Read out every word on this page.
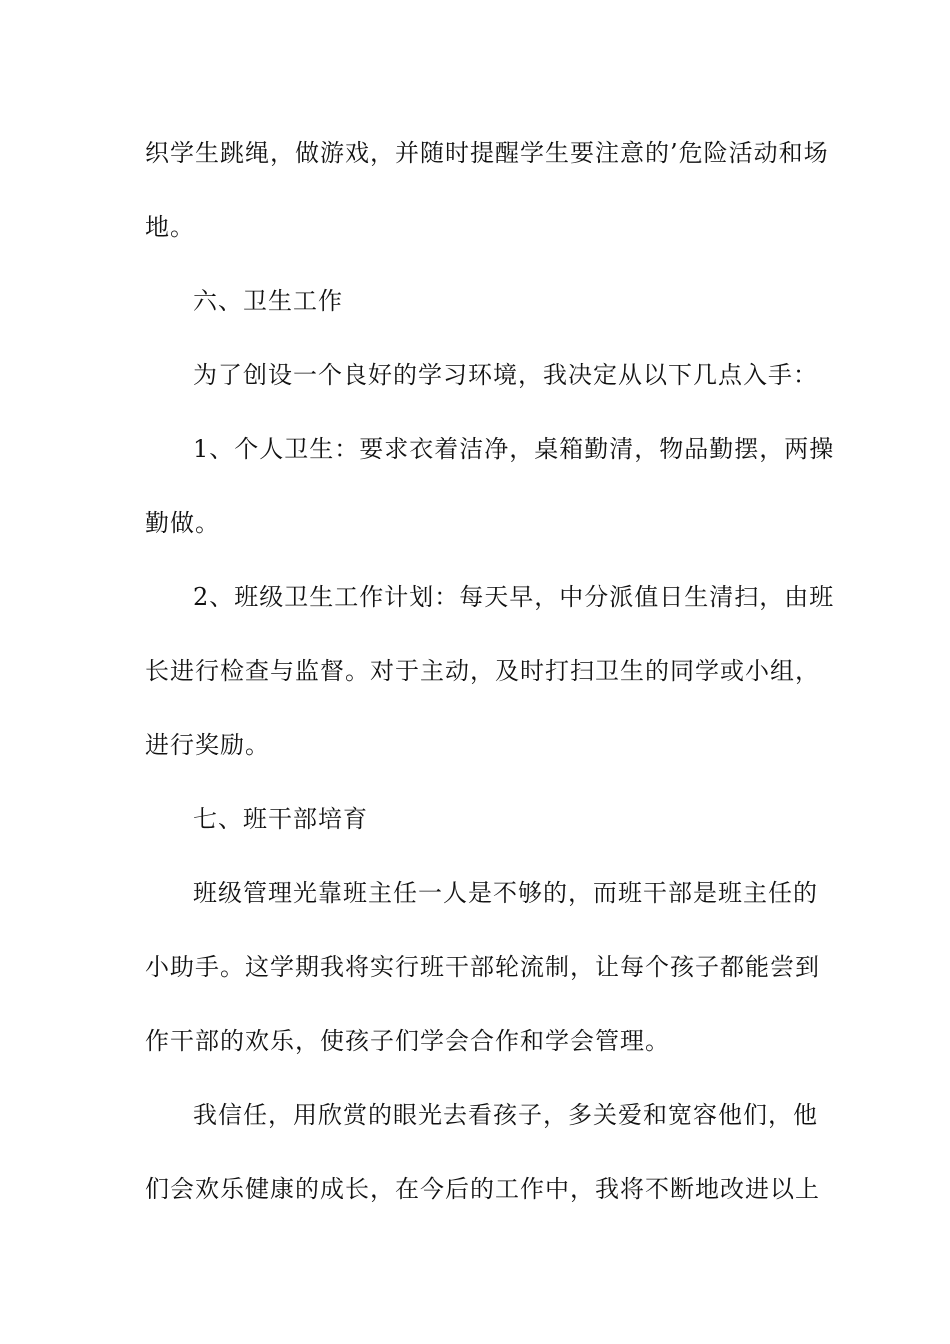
织学生跳绳，做游戏，并随时提醒学生要注意的’危险活动和场
地。
六、卫生工作
为了创设一个良好的学习环境，我决定从以下几点入手：
1、个人卫生：要求衣着洁净，桌箱勤清，物品勤摆，两操
勤做。
2、班级卫生工作计划：每天早，中分派值日生清扫，由班
长进行检查与监督。对于主动，及时打扫卫生的同学或小组，
进行奖励。
七、班干部培育
班级管理光靠班主任一人是不够的，而班干部是班主任的
小助手。这学期我将实行班干部轮流制，让每个孩子都能尝到
作干部的欢乐，使孩子们学会合作和学会管理。
我信任，用欣赏的眼光去看孩子，多关爱和宽容他们，他
们会欢乐健康的成长，在今后的工作中，我将不断地改进以上
